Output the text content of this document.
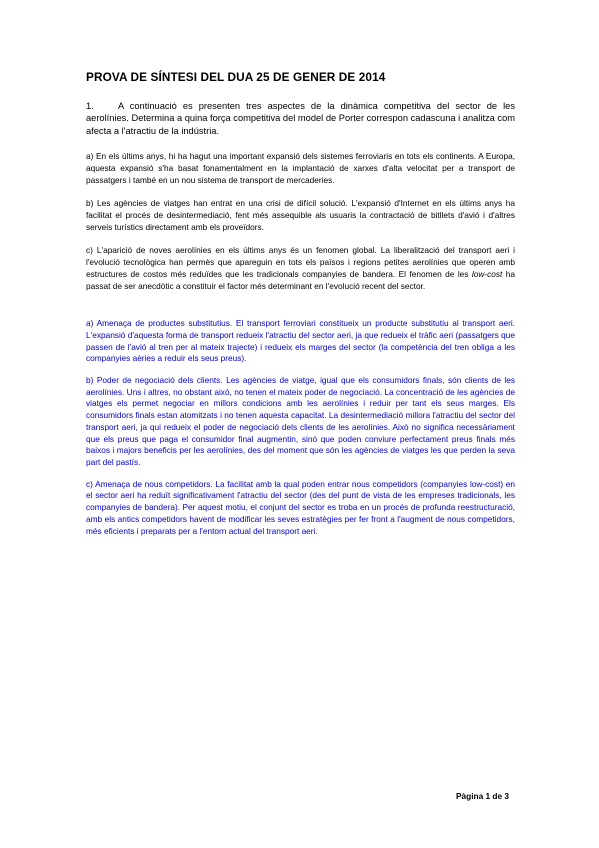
PROVA DE SÍNTESI DEL DUA 25 DE GENER DE 2014

1.	A continuació es presenten tres aspectes de la dinàmica competitiva del sector de les aerolínies. Determina a quina força competitiva del model de Porter correspon cadascuna i analitza com afecta a l'atractiu de la indústria.

a) En els últims anys, hi ha hagut una important expansió dels sistemes ferroviaris en tots els continents. A Europa, aquesta expansió s'ha basat fonamentalment en la implantació de xarxes d'alta velocitat per a transport de passatgers i també en un nou sistema de transport de mercaderies.

b) Les agències de viatges han entrat en una crisi de difícil solució. L'expansió d'Internet en els últims anys ha facilitat el procés de desintermediació, fent més assequible als usuaris la contractació de bitllets d'avió i d'altres serveis turístics directament amb els proveïdors.

c) L'aparició de noves aerolínies en els últims anys és un fenomen global. La liberalització del transport aeri i l'evolució tecnològica han permès que apareguin en tots els països i regions petites aerolínies que operen amb estructures de costos més reduïdes que les tradicionals companyies de bandera. El fenomen de les low-cost ha passat de ser anecdòtic a constituir el factor més determinant en l'evolució recent del sector.

a) Amenaça de productes substitutius. El transport ferroviari constitueix un producte substitutiu al transport aeri. L'expansió d'aquesta forma de transport redueix l'atractiu del sector aeri, ja que redueix el tràfic aeri (passatgers que passen de l'avió al tren per al mateix trajecte) i redueix els marges del sector (la competència del tren obliga a les companyies aèries a reduir els seus preus).

b) Poder de negociació dels clients. Les agències de viatge, igual que els consumidors finals, són clients de les aerolínies. Uns i altres, no obstant això, no tenen el mateix poder de negociació. La concentració de les agències de viatges els permet negociar en millors condicions amb les aerolínies i reduir per tant els seus marges. Els consumidors finals estan atomitzats i no tenen aquesta capacitat. La desintermediació millora l'atractiu del sector del transport aeri, ja qui redueix el poder de negociació dels clients de les aerolínies. Això no significa necessàriament que els preus que paga el consumidor final augmentin, sinó que poden conviure perfectament preus finals més baixos i majors beneficis per les aerolínies, des del moment que són les agències de viatges les que perden la seva part del pastís.

c) Amenaça de nous competidors. La facilitat amb la qual poden entrar nous competidors (companyies low-cost) en el sector aeri ha reduït significativament l'atractiu del sector (des del punt de vista de les empreses tradicionals, les companyies de bandera). Per aquest motiu, el conjunt del sector es troba en un procés de profunda reestructuració, amb els antics competidors havent de modificar les seves estratègies per fer front a l'augment de nous competidors, més eficients i preparats per a l'entorn actual del transport aeri.

Pàgina 1 de 3
